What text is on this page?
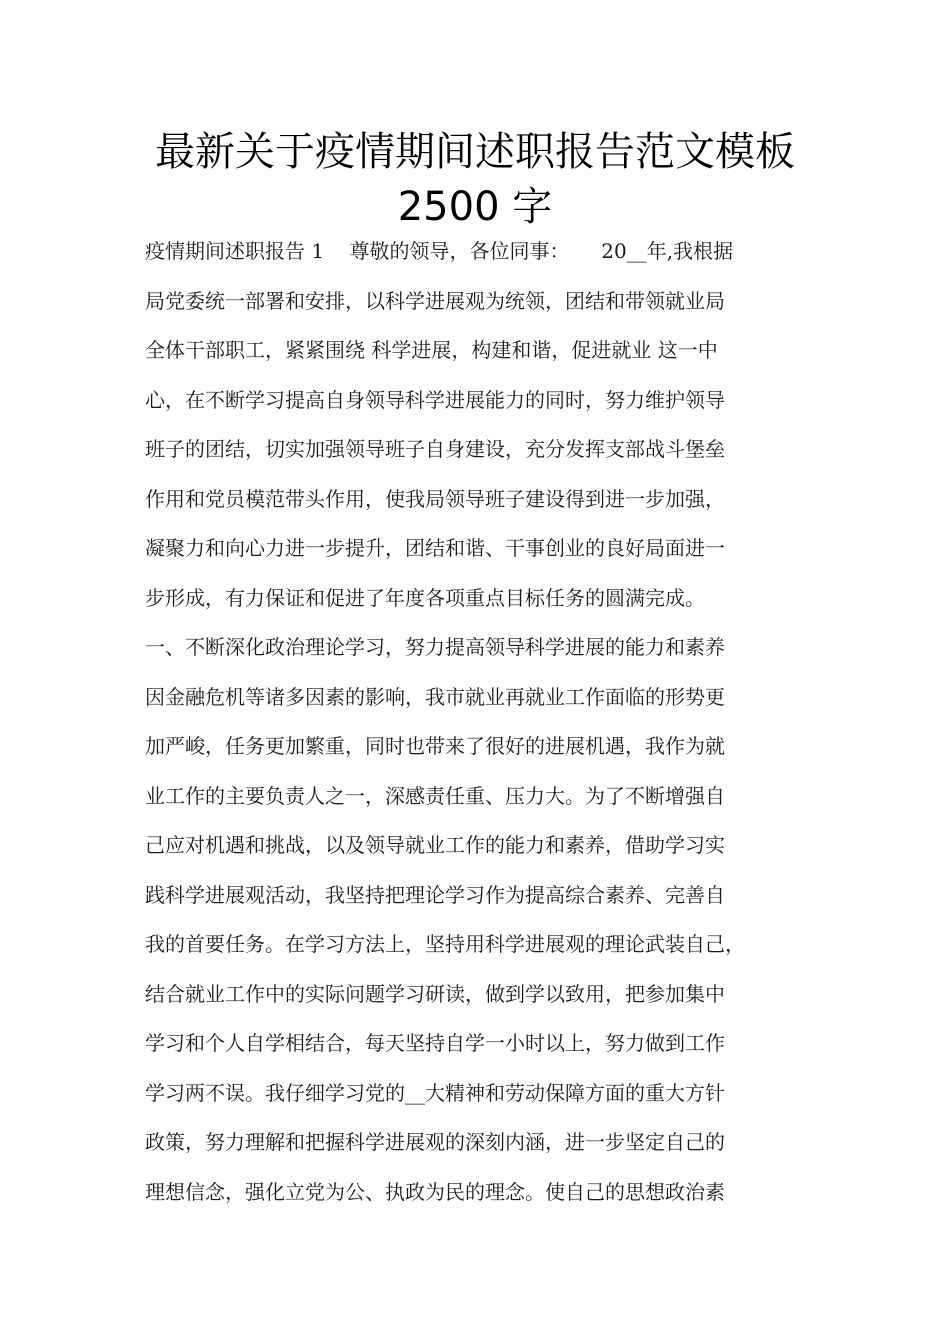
最新关于疫情期间述职报告范文模板
2500 字
疫情期间述职报告 1    尊敬的领导，各位同事：     20__年,我根据
局党委统一部署和安排，以科学进展观为统领，团结和带领就业局
全体干部职工，紧紧围绕 科学进展，构建和谐，促进就业 这一中
心，在不断学习提高自身领导科学进展能力的同时，努力维护领导
班子的团结，切实加强领导班子自身建设，充分发挥支部战斗堡垒
作用和党员模范带头作用，使我局领导班子建设得到进一步加强，
凝聚力和向心力进一步提升，团结和谐、干事创业的良好局面进一
步形成，有力保证和促进了年度各项重点目标任务的圆满完成。
一、不断深化政治理论学习，努力提高领导科学进展的能力和素养
因金融危机等诸多因素的影响，我市就业再就业工作面临的形势更
加严峻，任务更加繁重，同时也带来了很好的进展机遇，我作为就
业工作的主要负责人之一，深感责任重、压力大。为了不断增强自
己应对机遇和挑战，以及领导就业工作的能力和素养，借助学习实
践科学进展观活动，我坚持把理论学习作为提高综合素养、完善自
我的首要任务。在学习方法上，坚持用科学进展观的理论武装自己，
结合就业工作中的实际问题学习研读，做到学以致用，把参加集中
学习和个人自学相结合，每天坚持自学一小时以上，努力做到工作
学习两不误。我仔细学习党的__大精神和劳动保障方面的重大方针
政策，努力理解和把握科学进展观的深刻内涵，进一步坚定自己的
理想信念，强化立党为公、执政为民的理念。使自己的思想政治素
